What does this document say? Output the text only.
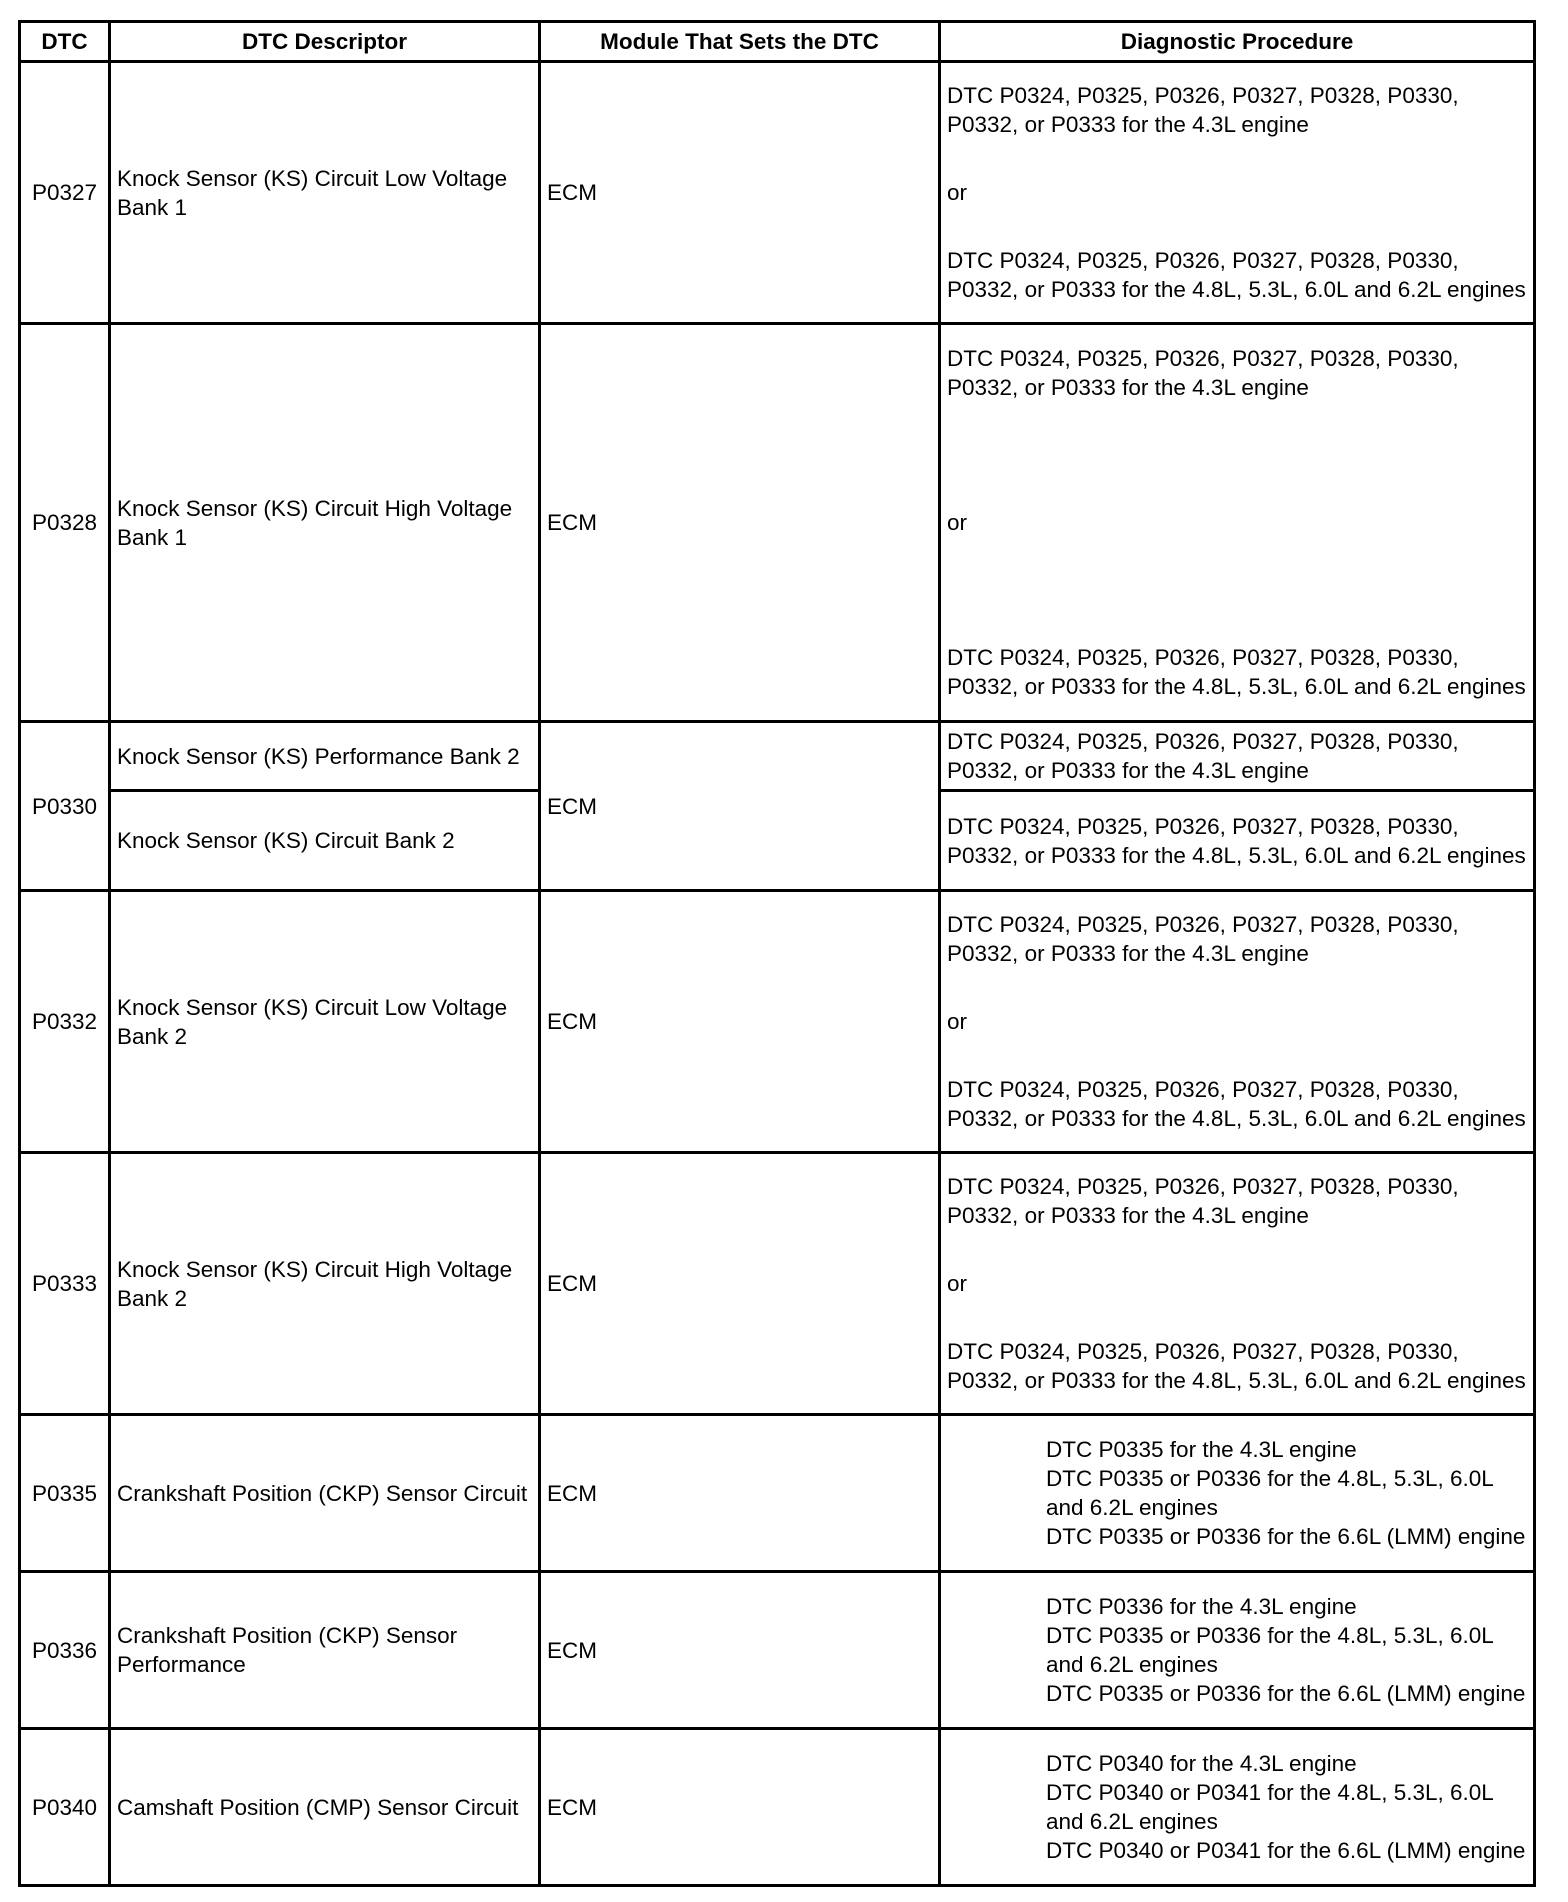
DTC	DTC Descriptor	Module That Sets the DTC	Diagnostic Procedure
P0327	Knock Sensor (KS) Circuit Low Voltage Bank 1	ECM	DTC P0324, P0325, P0326, P0327, P0328, P0330, P0332, or P0333 for the 4.3L engine
or
DTC P0324, P0325, P0326, P0327, P0328, P0330, P0332, or P0333 for the 4.8L, 5.3L, 6.0L and 6.2L engines

P0328	Knock Sensor (KS) Circuit High Voltage Bank 1	ECM	DTC P0324, P0325, P0326, P0327, P0328, P0330, P0332, or P0333 for the 4.3L engine
or
DTC P0324, P0325, P0326, P0327, P0328, P0330, P0332, or P0333 for the 4.8L, 5.3L, 6.0L and 6.2L engines

P0330	Knock Sensor (KS) Performance Bank 2	ECM	DTC P0324, P0325, P0326, P0327, P0328, P0330, P0332, or P0333 for the 4.3L engine
	Knock Sensor (KS) Circuit Bank 2		DTC P0324, P0325, P0326, P0327, P0328, P0330, P0332, or P0333 for the 4.8L, 5.3L, 6.0L and 6.2L engines
P0332	Knock Sensor (KS) Circuit Low Voltage Bank 2	ECM	DTC P0324, P0325, P0326, P0327, P0328, P0330, P0332, or P0333 for the 4.3L engine
or
DTC P0324, P0325, P0326, P0327, P0328, P0330, P0332, or P0333 for the 4.8L, 5.3L, 6.0L and 6.2L engines

P0333	Knock Sensor (KS) Circuit High Voltage Bank 2	ECM	DTC P0324, P0325, P0326, P0327, P0328, P0330, P0332, or P0333 for the 4.3L engine
or
DTC P0324, P0325, P0326, P0327, P0328, P0330, P0332, or P0333 for the 4.8L, 5.3L, 6.0L and 6.2L engines

P0335	Crankshaft Position (CKP) Sensor Circuit	ECM	DTC P0335 for the 4.3L engine
DTC P0335 or P0336 for the 4.8L, 5.3L, 6.0L and 6.2L engines
DTC P0335 or P0336 for the 6.6L (LMM) engine

P0336	Crankshaft Position (CKP) Sensor Performance	ECM	DTC P0336 for the 4.3L engine
DTC P0335 or P0336 for the 4.8L, 5.3L, 6.0L and 6.2L engines
DTC P0335 or P0336 for the 6.6L (LMM) engine

P0340	Camshaft Position (CMP) Sensor Circuit	ECM	DTC P0340 for the 4.3L engine
DTC P0340 or P0341 for the 4.8L, 5.3L, 6.0L and 6.2L engines
DTC P0340 or P0341 for the 6.6L (LMM) engine
